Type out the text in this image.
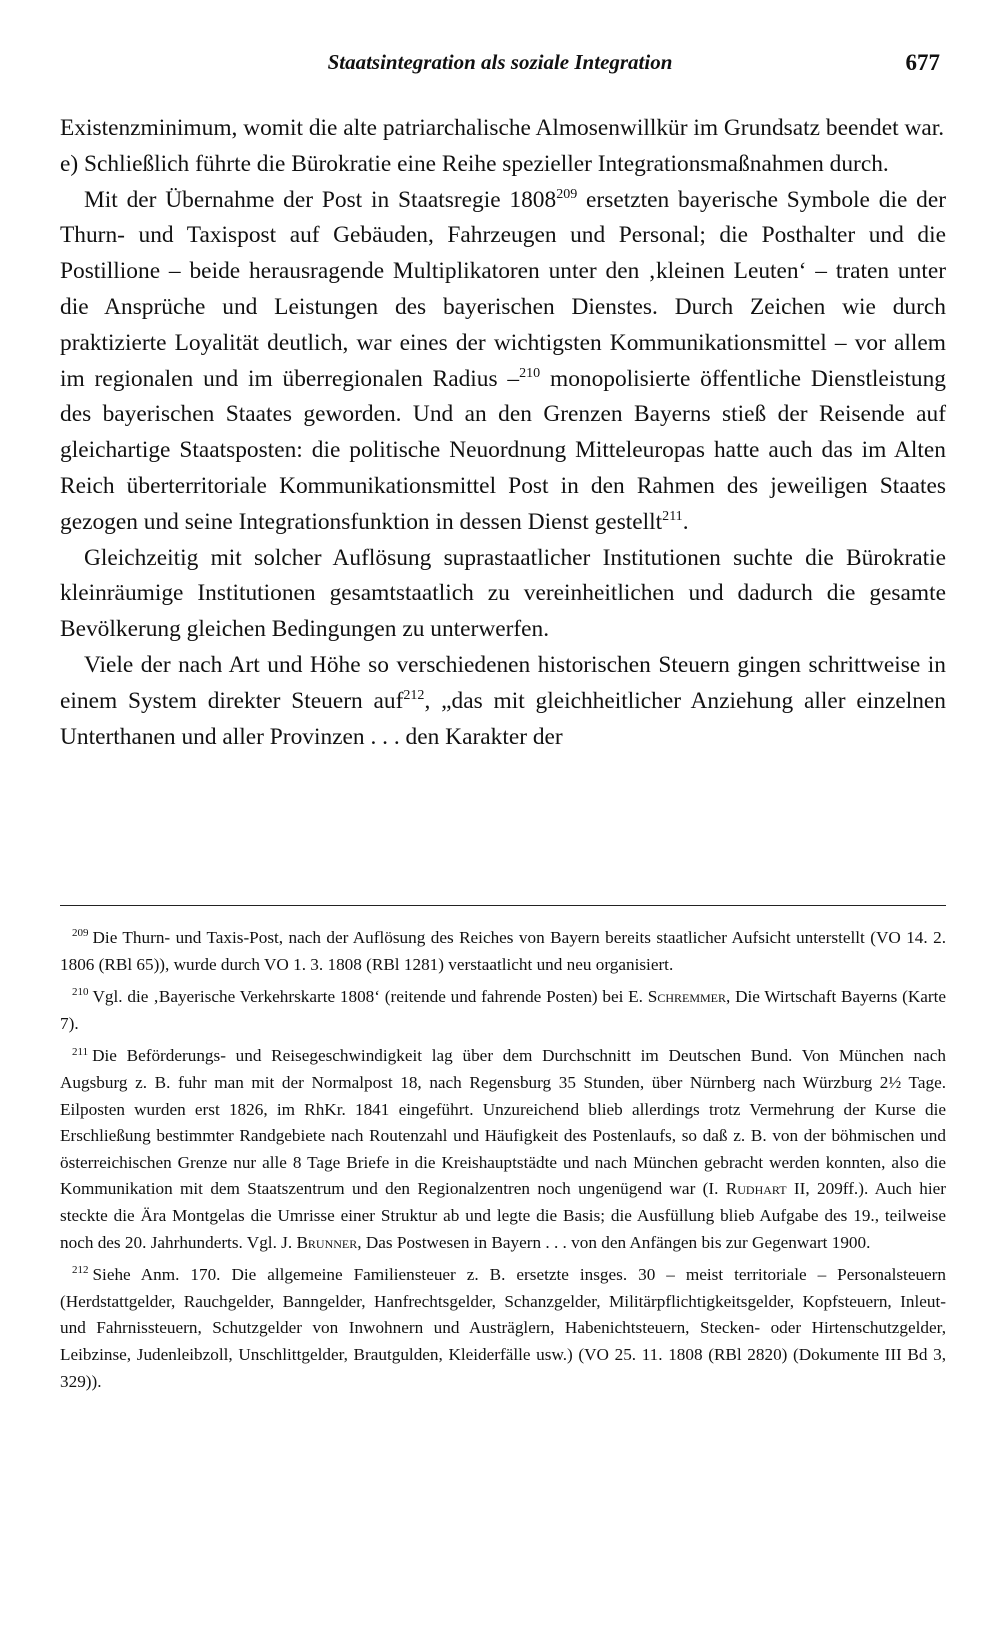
Staatsintegration als soziale Integration	677

Existenzminimum, womit die alte patriarchalische Almosenwillkür im Grundsatz beendet war.

e) Schließlich führte die Bürokratie eine Reihe spezieller Integrationsmaßnahmen durch.

Mit der Übernahme der Post in Staatsregie 1808$^{209}$ ersetzten bayerische Symbole die der Thurn- und Taxispost auf Gebäuden, Fahrzeugen und Personal; die Posthalter und die Postillione – beide herausragende Multiplikatoren unter den ‚kleinen Leuten‘ – traten unter die Ansprüche und Leistungen des bayerischen Dienstes. Durch Zeichen wie durch praktizierte Loyalität deutlich, war eines der wichtigsten Kommunikationsmittel – vor allem im regionalen und im überregionalen Radius –$^{210}$ monopolisierte öffentliche Dienstleistung des bayerischen Staates geworden. Und an den Grenzen Bayerns stieß der Reisende auf gleichartige Staatsposten: die politische Neuordnung Mitteleuropas hatte auch das im Alten Reich überterritoriale Kommunikationsmittel Post in den Rahmen des jeweiligen Staates gezogen und seine Integrationsfunktion in dessen Dienst gestellt$^{211}$.

Gleichzeitig mit solcher Auflösung suprastaatlicher Institutionen suchte die Bürokratie kleinräumige Institutionen gesamtstaatlich zu vereinheitlichen und dadurch die gesamte Bevölkerung gleichen Bedingungen zu unterwerfen.

Viele der nach Art und Höhe so verschiedenen historischen Steuern gingen schrittweise in einem System direkter Steuern auf$^{212}$, „das mit gleichheitlicher Anziehung aller einzelnen Unterthanen und aller Provinzen . . . den Karakter der

$^{209}$ Die Thurn- und Taxis-Post, nach der Auflösung des Reiches von Bayern bereits staatlicher Aufsicht unterstellt (VO 14. 2. 1806 (RBl 65)), wurde durch VO 1. 3. 1808 (RBl 1281) verstaatlicht und neu organisiert.

$^{210}$ Vgl. die ‚Bayerische Verkehrskarte 1808‘ (reitende und fahrende Posten) bei E. Schremmer, Die Wirtschaft Bayerns (Karte 7).

$^{211}$ Die Beförderungs- und Reisegeschwindigkeit lag über dem Durchschnitt im Deutschen Bund. Von München nach Augsburg z. B. fuhr man mit der Normalpost 18, nach Regensburg 35 Stunden, über Nürnberg nach Würzburg 2½ Tage. Eilposten wurden erst 1826, im RhKr. 1841 eingeführt. Unzureichend blieb allerdings trotz Vermehrung der Kurse die Erschließung bestimmter Randgebiete nach Routenzahl und Häufigkeit des Postenlaufs, so daß z. B. von der böhmischen und österreichischen Grenze nur alle 8 Tage Briefe in die Kreishauptstädte und nach München gebracht werden konnten, also die Kommunikation mit dem Staatszentrum und den Regionalzentren noch ungenügend war (I. Rudhart II, 209ff.). Auch hier steckte die Ära Montgelas die Umrisse einer Struktur ab und legte die Basis; die Ausfüllung blieb Aufgabe des 19., teilweise noch des 20. Jahrhunderts. Vgl. J. Brunner, Das Postwesen in Bayern . . . von den Anfängen bis zur Gegenwart 1900.

$^{212}$ Siehe Anm. 170. Die allgemeine Familiensteuer z. B. ersetzte insges. 30 – meist territoriale – Personalsteuern (Herdstattgelder, Rauchgelder, Banngelder, Hanfrechtsgelder, Schanzgelder, Militärpflichtigkeitsgelder, Kopfsteuern, Inleut- und Fahrnissteuern, Schutzgelder von Inwohnern und Austräglern, Habenichtsteuern, Stecken- oder Hirtenschutzgelder, Leibzinse, Judenleibzoll, Unschlittgelder, Brautgulden, Kleiderfälle usw.) (VO 25. 11. 1808 (RBl 2820) (Dokumente III Bd 3, 329)).
